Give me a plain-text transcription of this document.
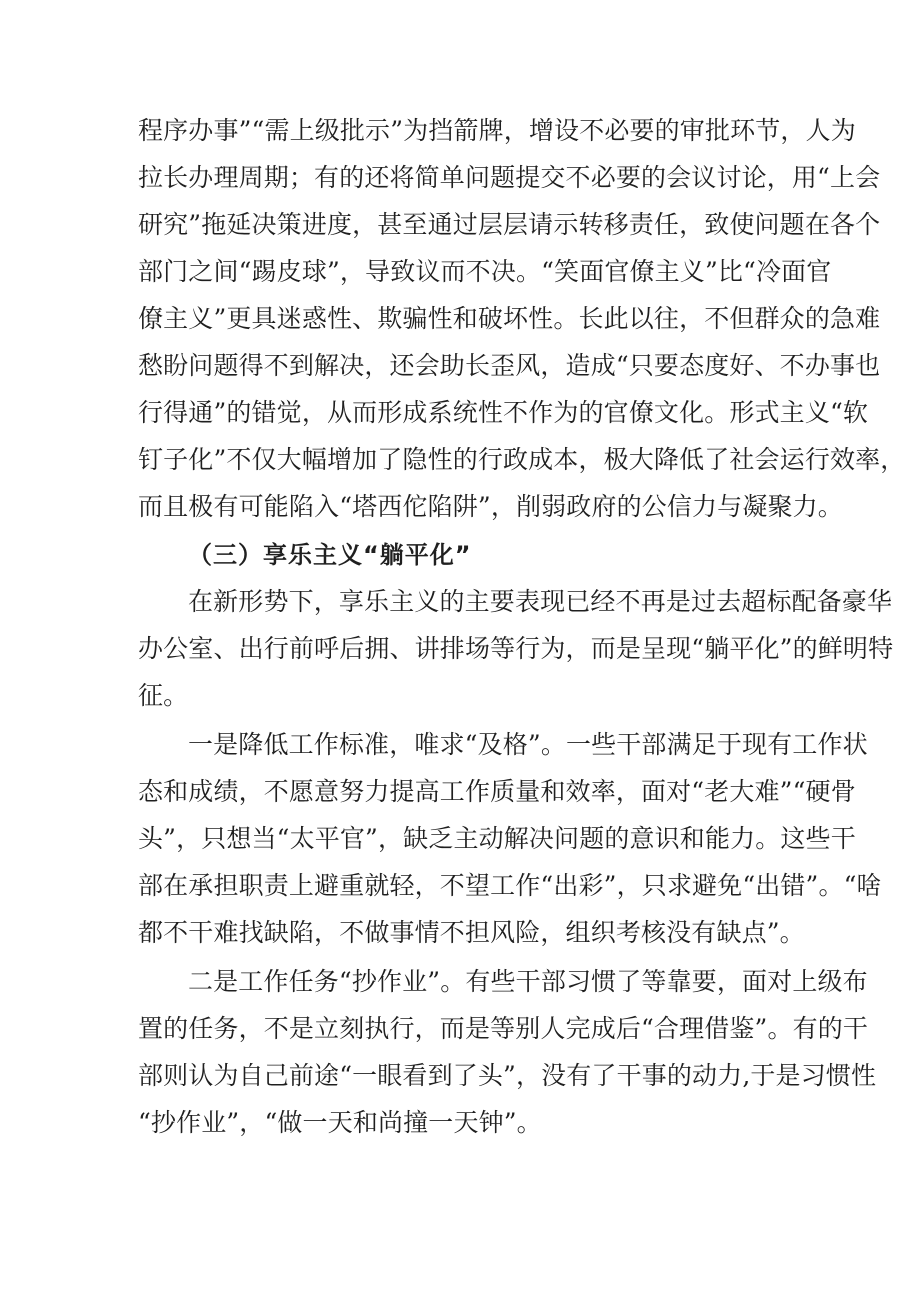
程序办事”“需上级批示”为挡箭牌，增设不必要的审批环节，人为
拉长办理周期；有的还将简单问题提交不必要的会议讨论，用“上会
研究”拖延决策进度，甚至通过层层请示转移责任，致使问题在各个
部门之间“踢皮球”，导致议而不决。“笑面官僚主义”比“冷面官
僚主义”更具迷惑性、欺骗性和破坏性。长此以往，不但群众的急难
愁盼问题得不到解决，还会助长歪风，造成“只要态度好、不办事也
行得通”的错觉，从而形成系统性不作为的官僚文化。形式主义“软
钉子化”不仅大幅增加了隐性的行政成本，极大降低了社会运行效率，
而且极有可能陷入“塔西佗陷阱”，削弱政府的公信力与凝聚力。
（三）享乐主义“躺平化”
在新形势下，享乐主义的主要表现已经不再是过去超标配备豪华
办公室、出行前呼后拥、讲排场等行为，而是呈现“躺平化”的鲜明特
征。
一是降低工作标准，唯求“及格”。一些干部满足于现有工作状
态和成绩，不愿意努力提高工作质量和效率，面对“老大难”“硬骨
头”，只想当“太平官”，缺乏主动解决问题的意识和能力。这些干
部在承担职责上避重就轻，不望工作“出彩”，只求避免“出错”。“啥
都不干难找缺陷，不做事情不担风险，组织考核没有缺点”。
二是工作任务“抄作业”。有些干部习惯了等靠要，面对上级布
置的任务，不是立刻执行，而是等别人完成后“合理借鉴”。有的干
部则认为自己前途“一眼看到了头”，没有了干事的动力,于是习惯性
“抄作业”，“做一天和尚撞一天钟”。
